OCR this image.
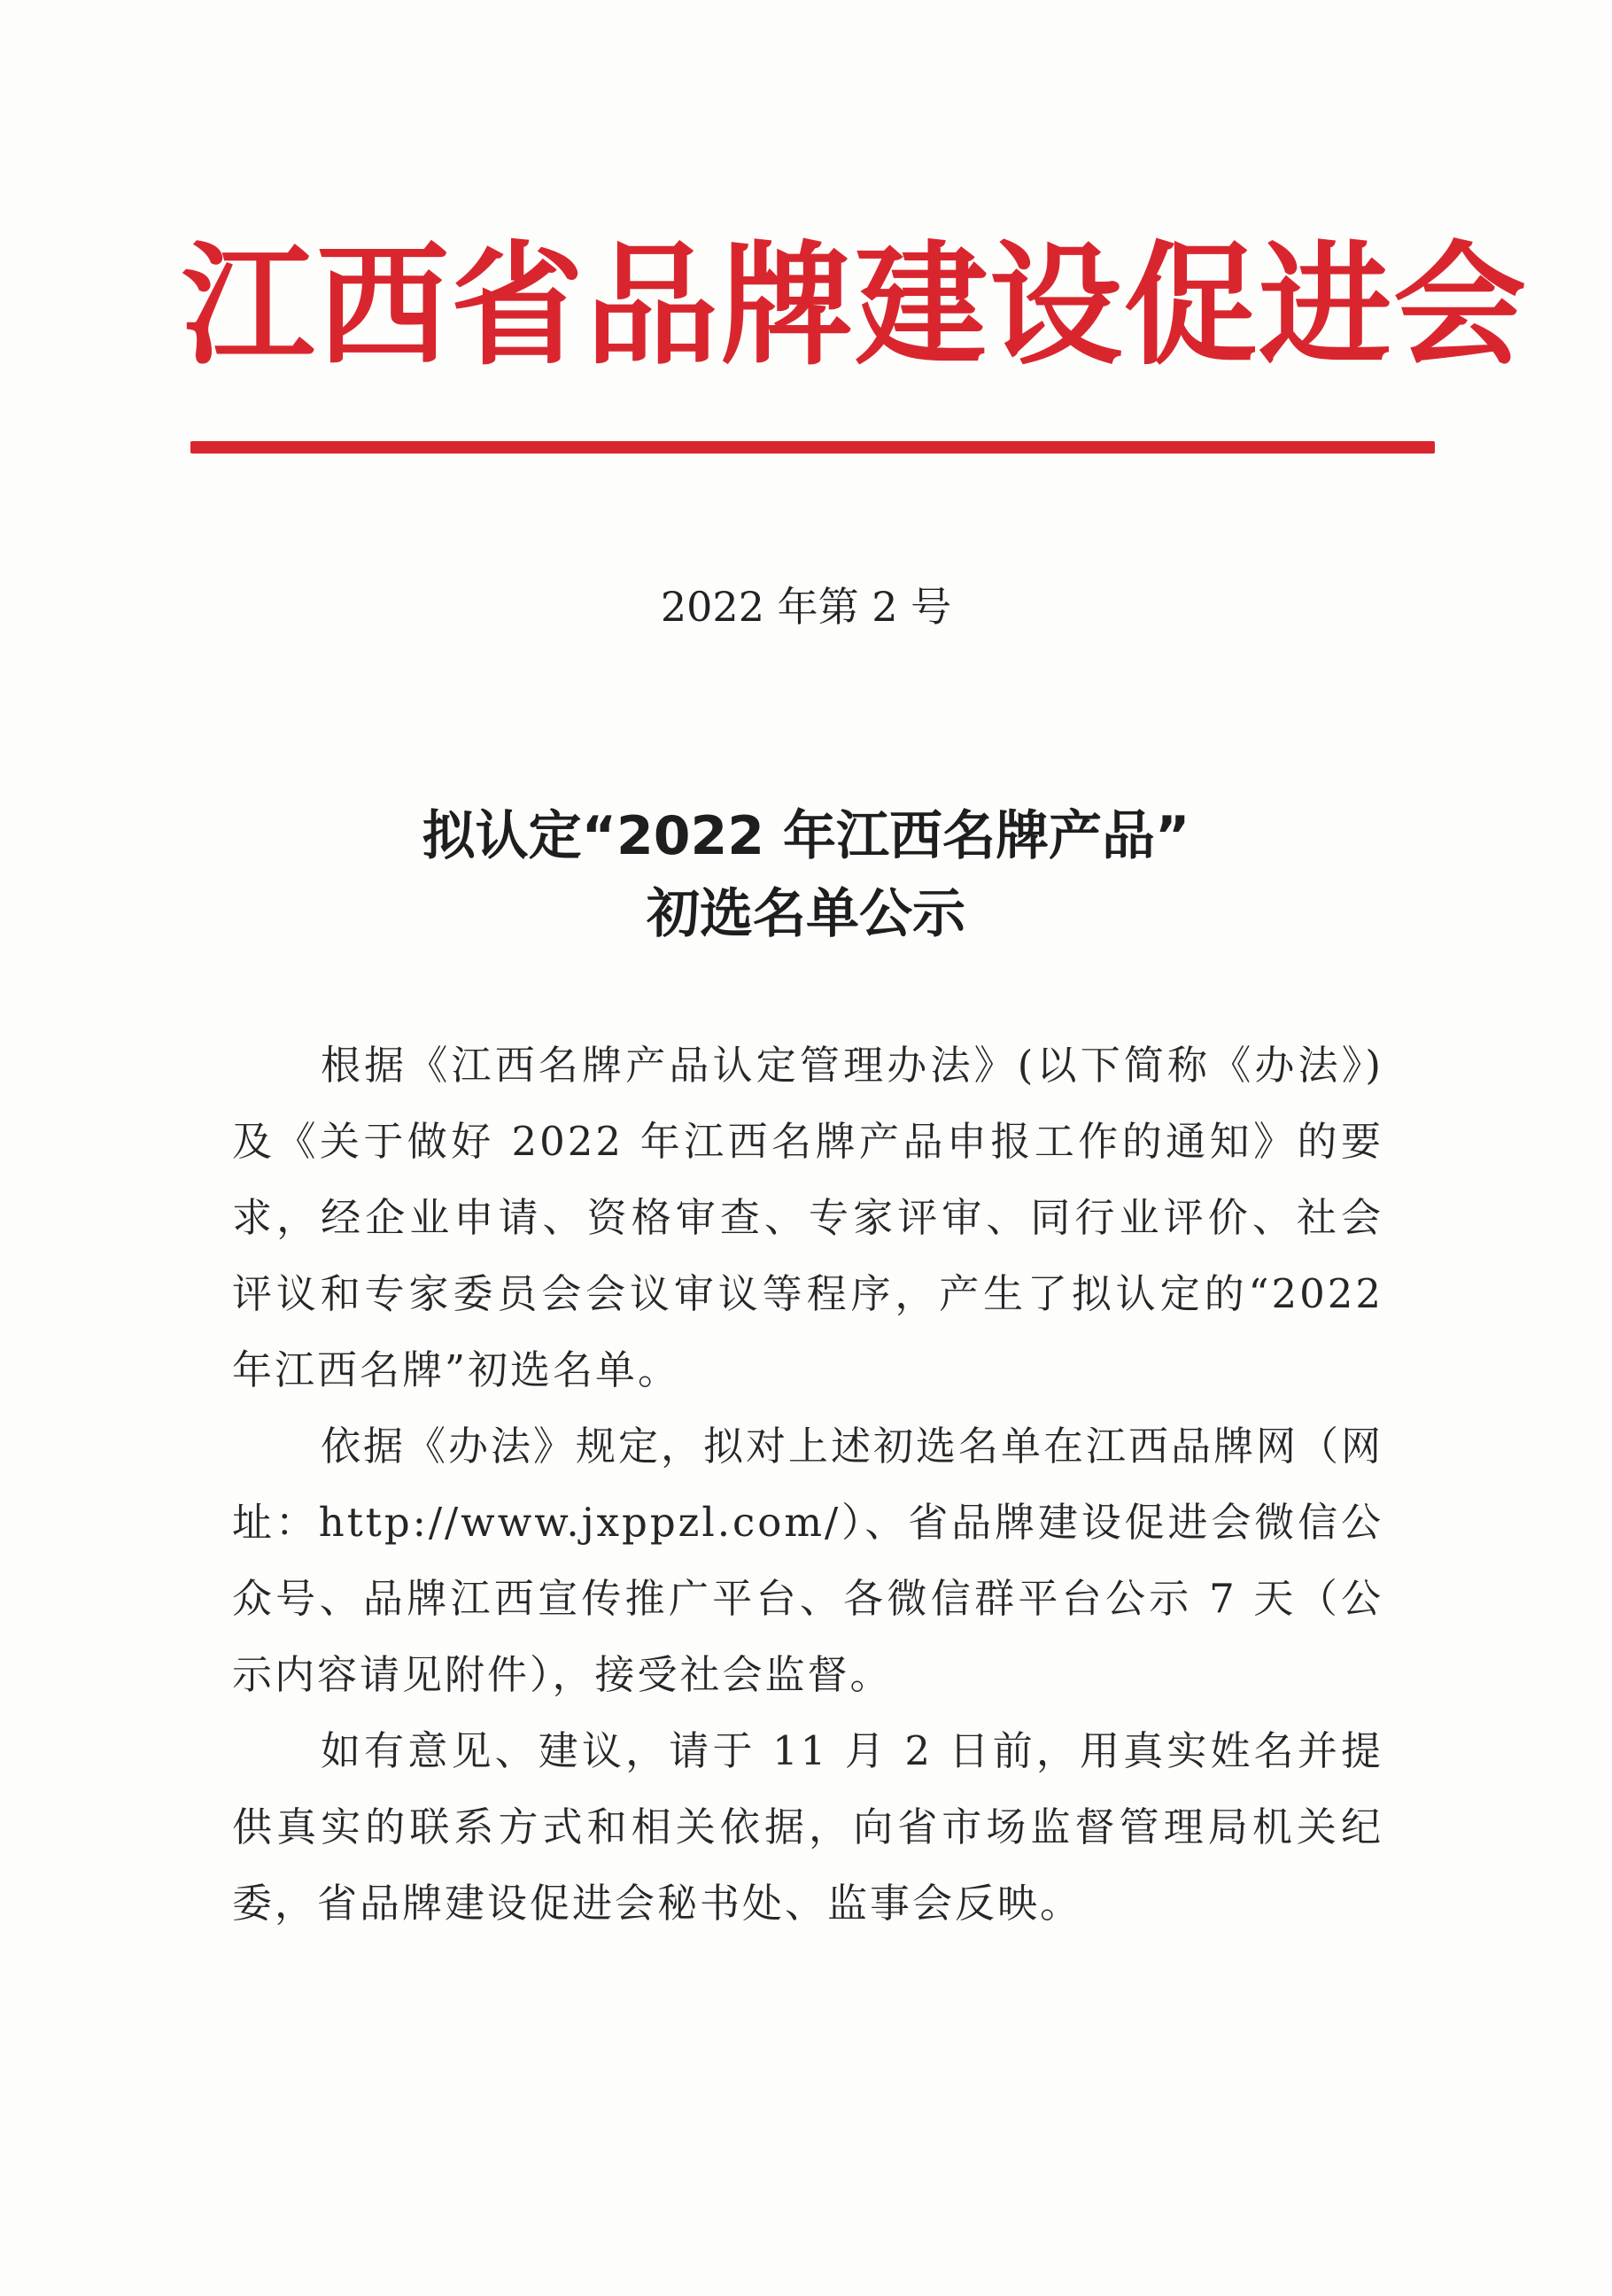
江西省品牌建设促进会
2022 年第 2 号
拟认定“2022 年江西名牌产品”
初选名单公示

根据《江西名牌产品认定管理办法》(以下简称《办法》)
及《关于做好 2022 年江西名牌产品申报工作的通知》的要
求，经企业申请、资格审查、专家评审、同行业评价、社会
评议和专家委员会会议审议等程序，产生了拟认定的“2022
年江西名牌”初选名单。

依据《办法》规定，拟对上述初选名单在江西品牌网（网
址：http://www.jxppzl.com/）、省品牌建设促进会微信公
众号、品牌江西宣传推广平台、各微信群平台公示 7 天（公
示内容请见附件），接受社会监督。

如有意见、建议，请于 11 月 2 日前，用真实姓名并提
供真实的联系方式和相关依据，向省市场监督管理局机关纪
委，省品牌建设促进会秘书处、监事会反映。
